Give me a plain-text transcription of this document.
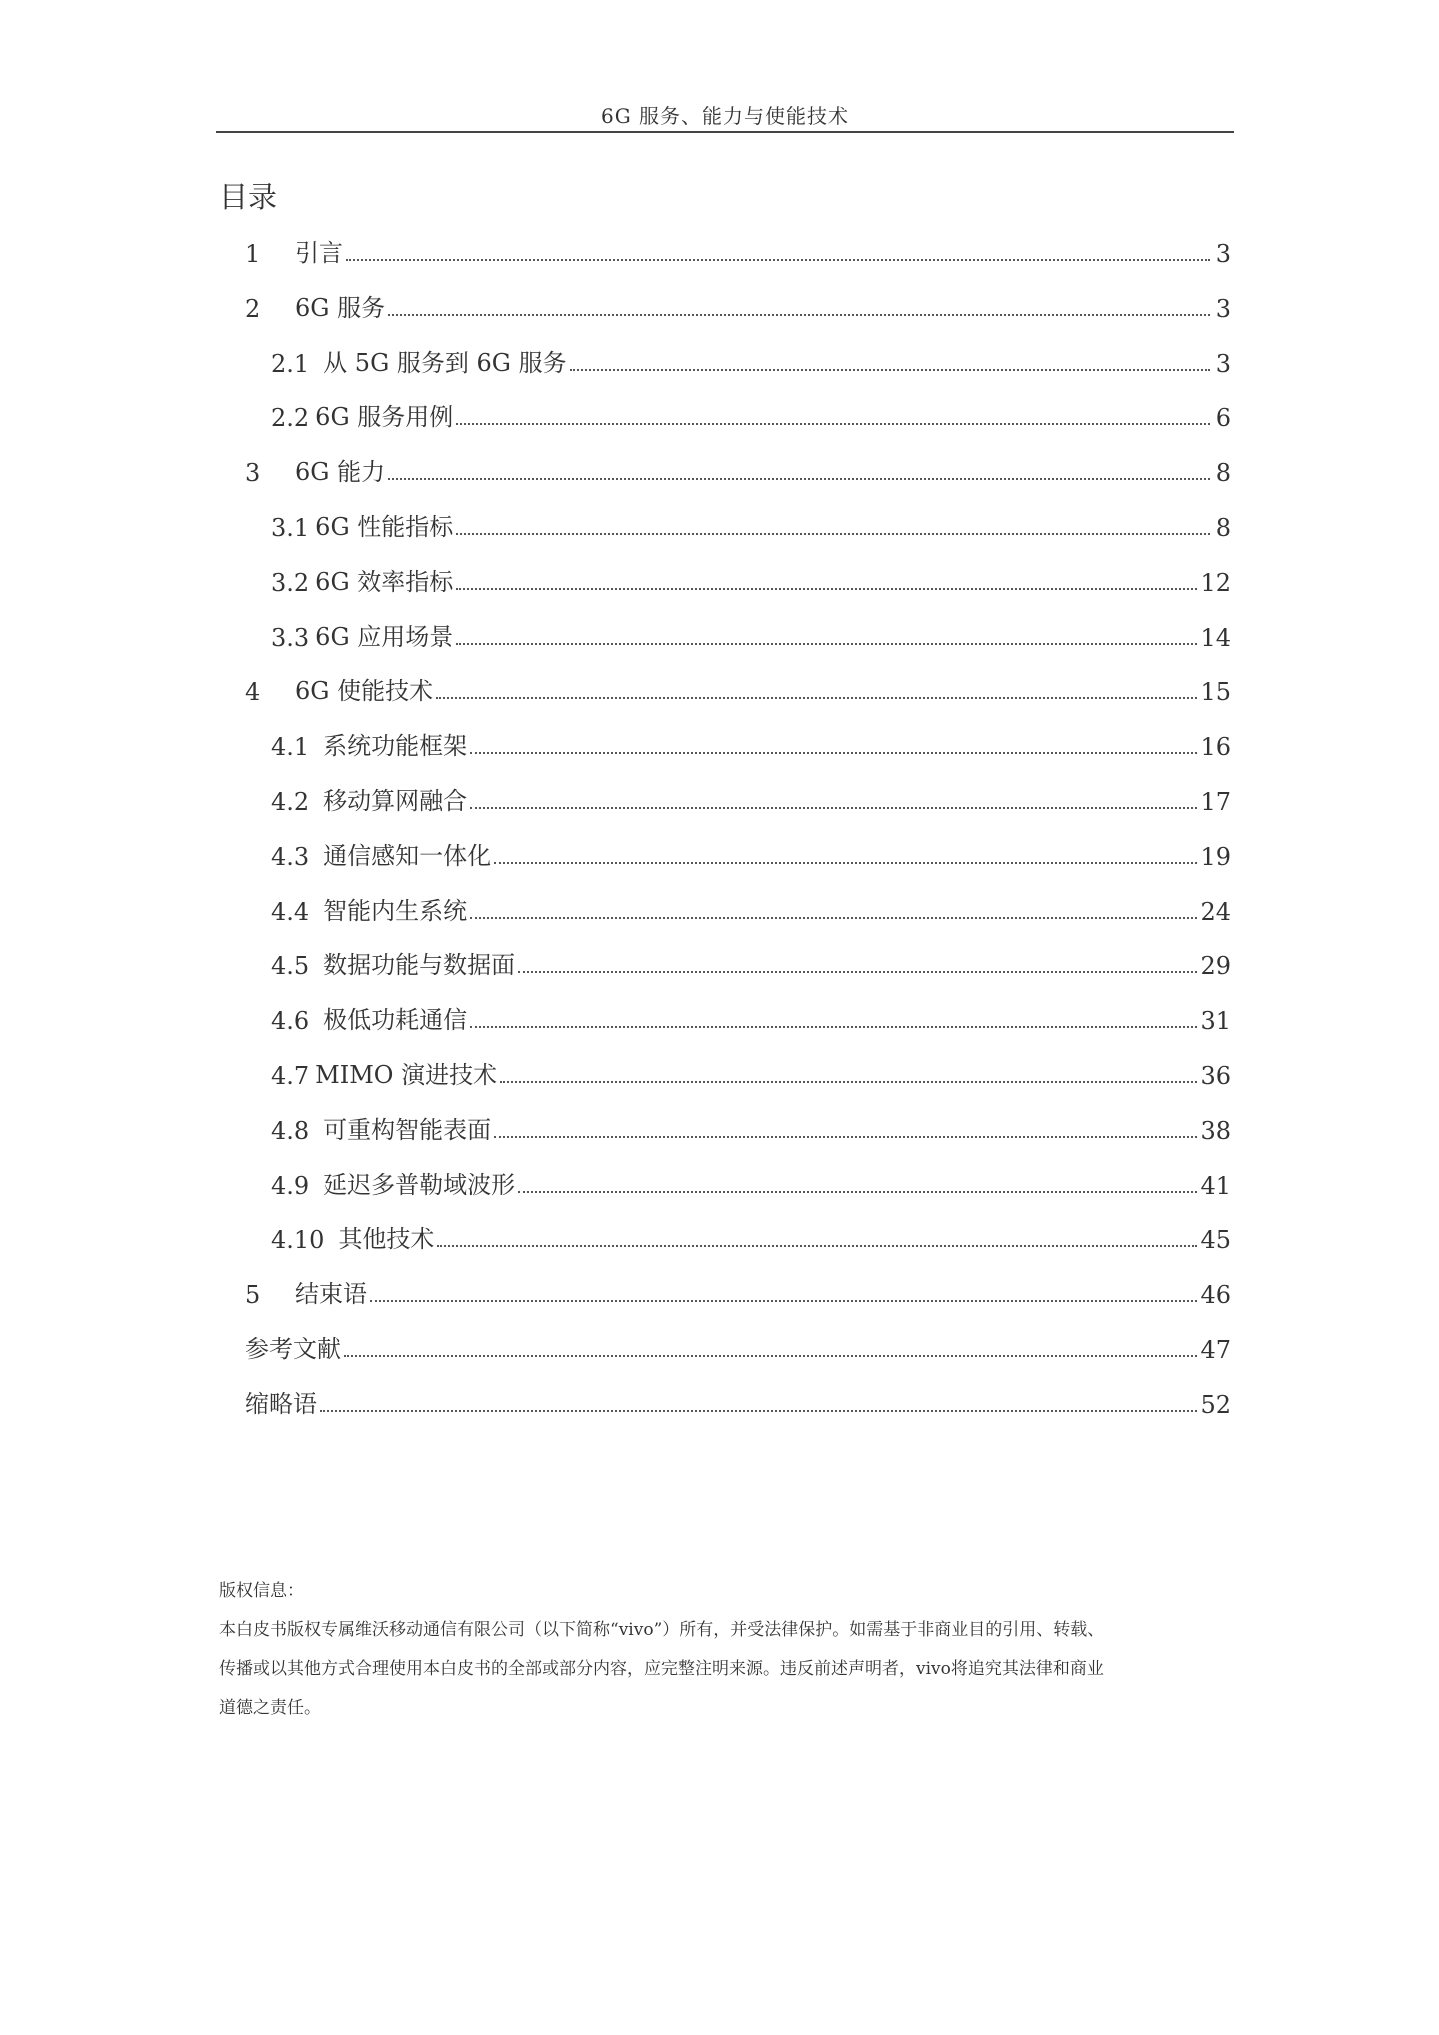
6G 服务、能力与使能技术
目录
1	引言	3
2	6G 服务	3
2.1 从 5G 服务到 6G 服务	3
2.2 6G 服务用例	6
3	6G 能力	8
3.1 6G 性能指标	8
3.2 6G 效率指标	12
3.3 6G 应用场景	14
4	6G 使能技术	15
4.1 系统功能框架	16
4.2 移动算网融合	17
4.3 通信感知一体化	19
4.4 智能内生系统	24
4.5 数据功能与数据面	29
4.6 极低功耗通信	31
4.7 MIMO 演进技术	36
4.8 可重构智能表面	38
4.9 延迟多普勒域波形	41
4.10 其他技术	45
5	结束语	46
参考文献	47
缩略语	52

版权信息：

本白皮书版权专属维沃移动通信有限公司（以下简称“vivo”）所有，并受法律保护。如需基于非商业目的引用、转载、

传播或以其他方式合理使用本白皮书的全部或部分内容，应完整注明来源。违反前述声明者，vivo将追究其法律和商业

道德之责任。
